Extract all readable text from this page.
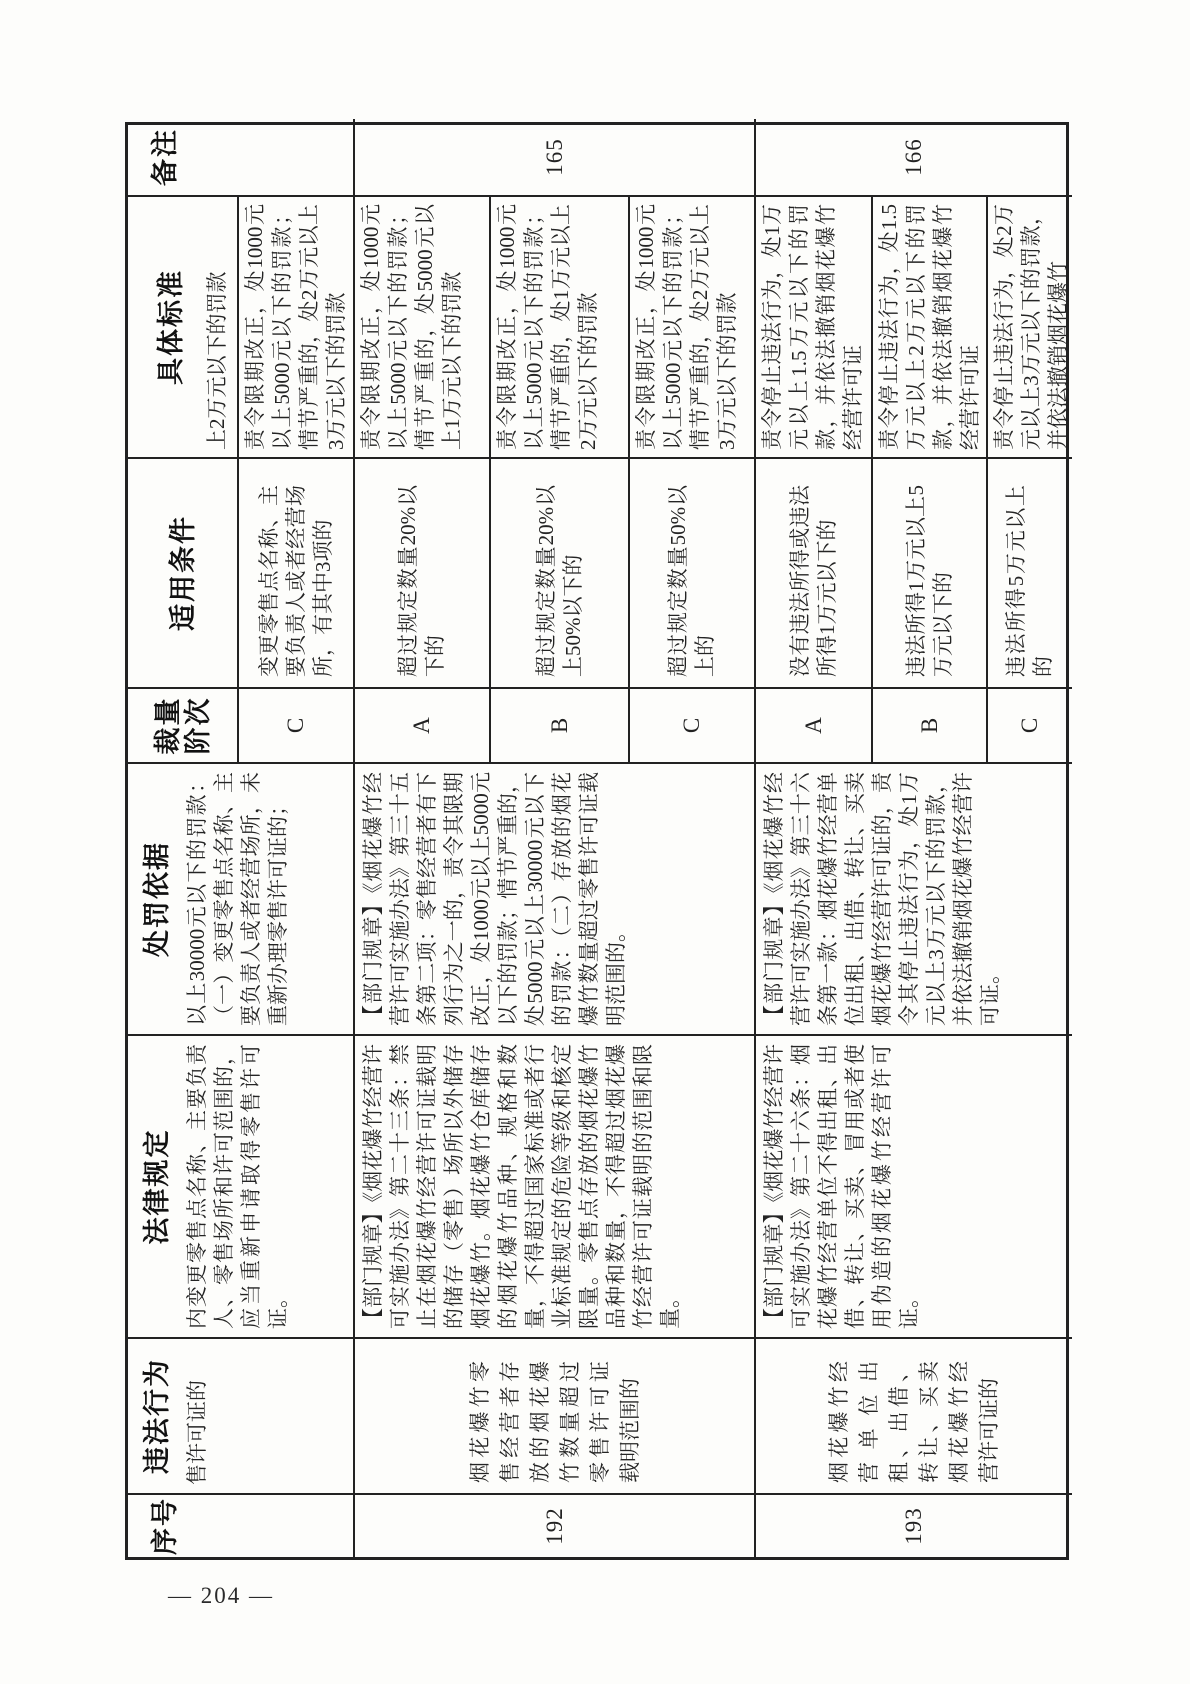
序号
违法行为 售许可证的
法律规定 内变更零售点名称、主要负责人、零售场所和许可范围的，应当重新申请取得零售许可证。
处罚依据 以上30000元以下的罚款：（一）变更零售点名称、主要负责人或者经营场所，未重新办理零售许可证的；
裁量阶次
适用条件
具体标准 上2万元以下的罚款
备注
C
变更零售点名称、主要负责人或者经营场所，有其中3项的
责令限期改正，处1000元以上5000元以下的罚款；情节严重的，处2万元以上3万元以下的罚款
192
烟花爆竹零售经营者存放的烟花爆竹数量超过零售许可证载明范围的
【部门规章】《烟花爆竹经营许可实施办法》第二十三条：禁止在烟花爆竹经营许可证载明的储存（零售）场所以外储存烟花爆竹。烟花爆竹仓库储存的烟花爆竹品种、规格和数量，不得超过国家标准或者行业标准规定的危险等级和核定限量。零售点存放的烟花爆竹品种和数量，不得超过烟花爆竹经营许可证载明的范围和限量。
【部门规章】《烟花爆竹经营许可实施办法》第三十五条第二项：零售经营者有下列行为之一的，责令其限期改正，处1000元以上5000元以下的罚款；情节严重的，处5000元以上30000元以下的罚款：（二）存放的烟花爆竹数量超过零售许可证载明范围的。
A
超过规定数量20%以下的
责令限期改正，处1000元以上5000元以下的罚款；情节严重的，处5000元以上1万元以下的罚款
165
B
超过规定数量20%以上50%以下的
责令限期改正，处1000元以上5000元以下的罚款；情节严重的，处1万元以上2万元以下的罚款
C
超过规定数量50%以上的
责令限期改正，处1000元以上5000元以下的罚款；情节严重的，处2万元以上3万元以下的罚款
193
烟花爆竹经营单位出租、出借、转让、买卖烟花爆竹经营许可证的
【部门规章】《烟花爆竹经营许可实施办法》第二十六条：烟花爆竹经营单位不得出租、出借、转让、买卖、冒用或者使用伪造的烟花爆竹经营许可证。
【部门规章】《烟花爆竹经营许可实施办法》第三十六条第一款：烟花爆竹经营单位出租、出借、转让、买卖烟花爆竹经营许可证的，责令其停止违法行为，处1万元以上3万元以下的罚款，并依法撤销烟花爆竹经营许可证。
A
没有违法所得或违法所得1万元以下的
责令停止违法行为，处1万元以上1.5万元以下的罚款，并依法撤销烟花爆竹经营许可证
166
B
违法所得1万元以上5万元以下的
责令停止违法行为，处1.5万元以上2万元以下的罚款，并依法撤销烟花爆竹经营许可证
C
违法所得5万元以上的
责令停止违法行为，处2万元以上3万元以下的罚款，并依法撤销烟花爆竹
— 204 —
